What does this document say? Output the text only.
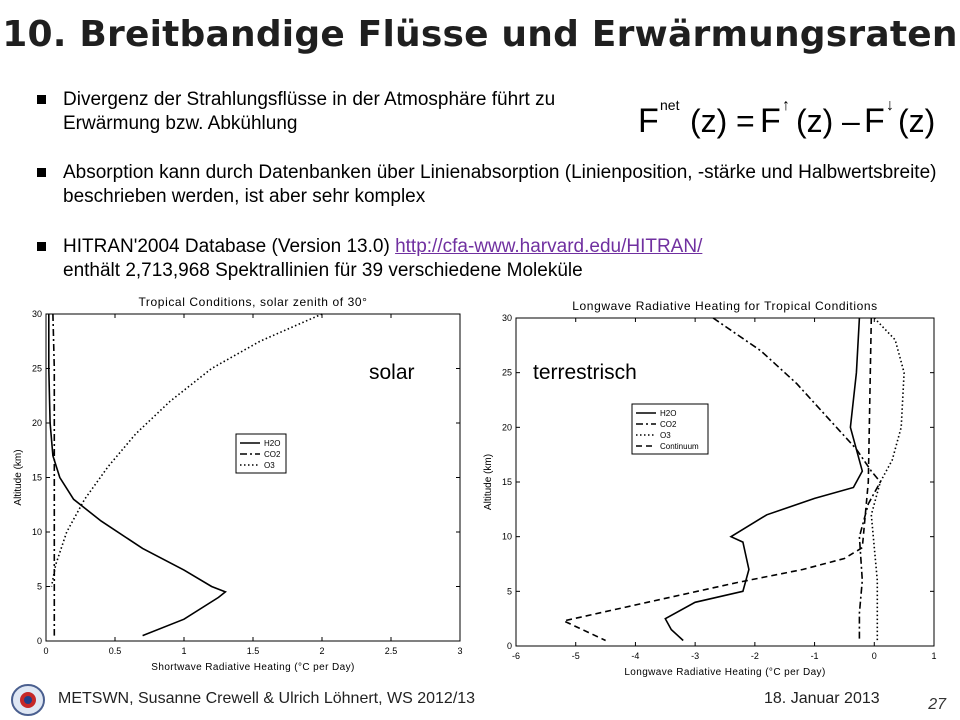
10. Breitbandige Flüsse und Erwärmungsraten
Divergenz der Strahlungsflüsse in der Atmosphäre führt zu Erwärmung bzw. Abkühlung	F net (z) = F ↑ (z) – F ↓ (z)
Absorption kann durch Datenbanken über Linienabsorption (Linienposition, -stärke und Halbwertsbreite) beschrieben werden, ist aber sehr komplex
HITRAN'2004 Database (Version 13.0) http://cfa-www.harvard.edu/HITRAN/
enthält 2,713,968 Spektrallinien für 39 verschiedene Moleküle
Tropical Conditions, solar zenith of 30°
0	0.5	1	1.5	2	2.5	3
0
5
10
15
20
25
30
Shortwave Radiative Heating (°C per Day)
Altitude (km)
H2O
CO2
O3
Longwave Radiative Heating for Tropical Conditions
-6	-5	-4	-3	-2	-1	0	1
0
5
10
15
20
25
30
Longwave Radiative Heating (°C per Day)
Altitude (km)
H2O
CO2
O3
Continuum
solar	terrestrisch
METSWN, Susanne Crewell & Ulrich Löhnert, WS 2012/13	18. Januar 2013	27
